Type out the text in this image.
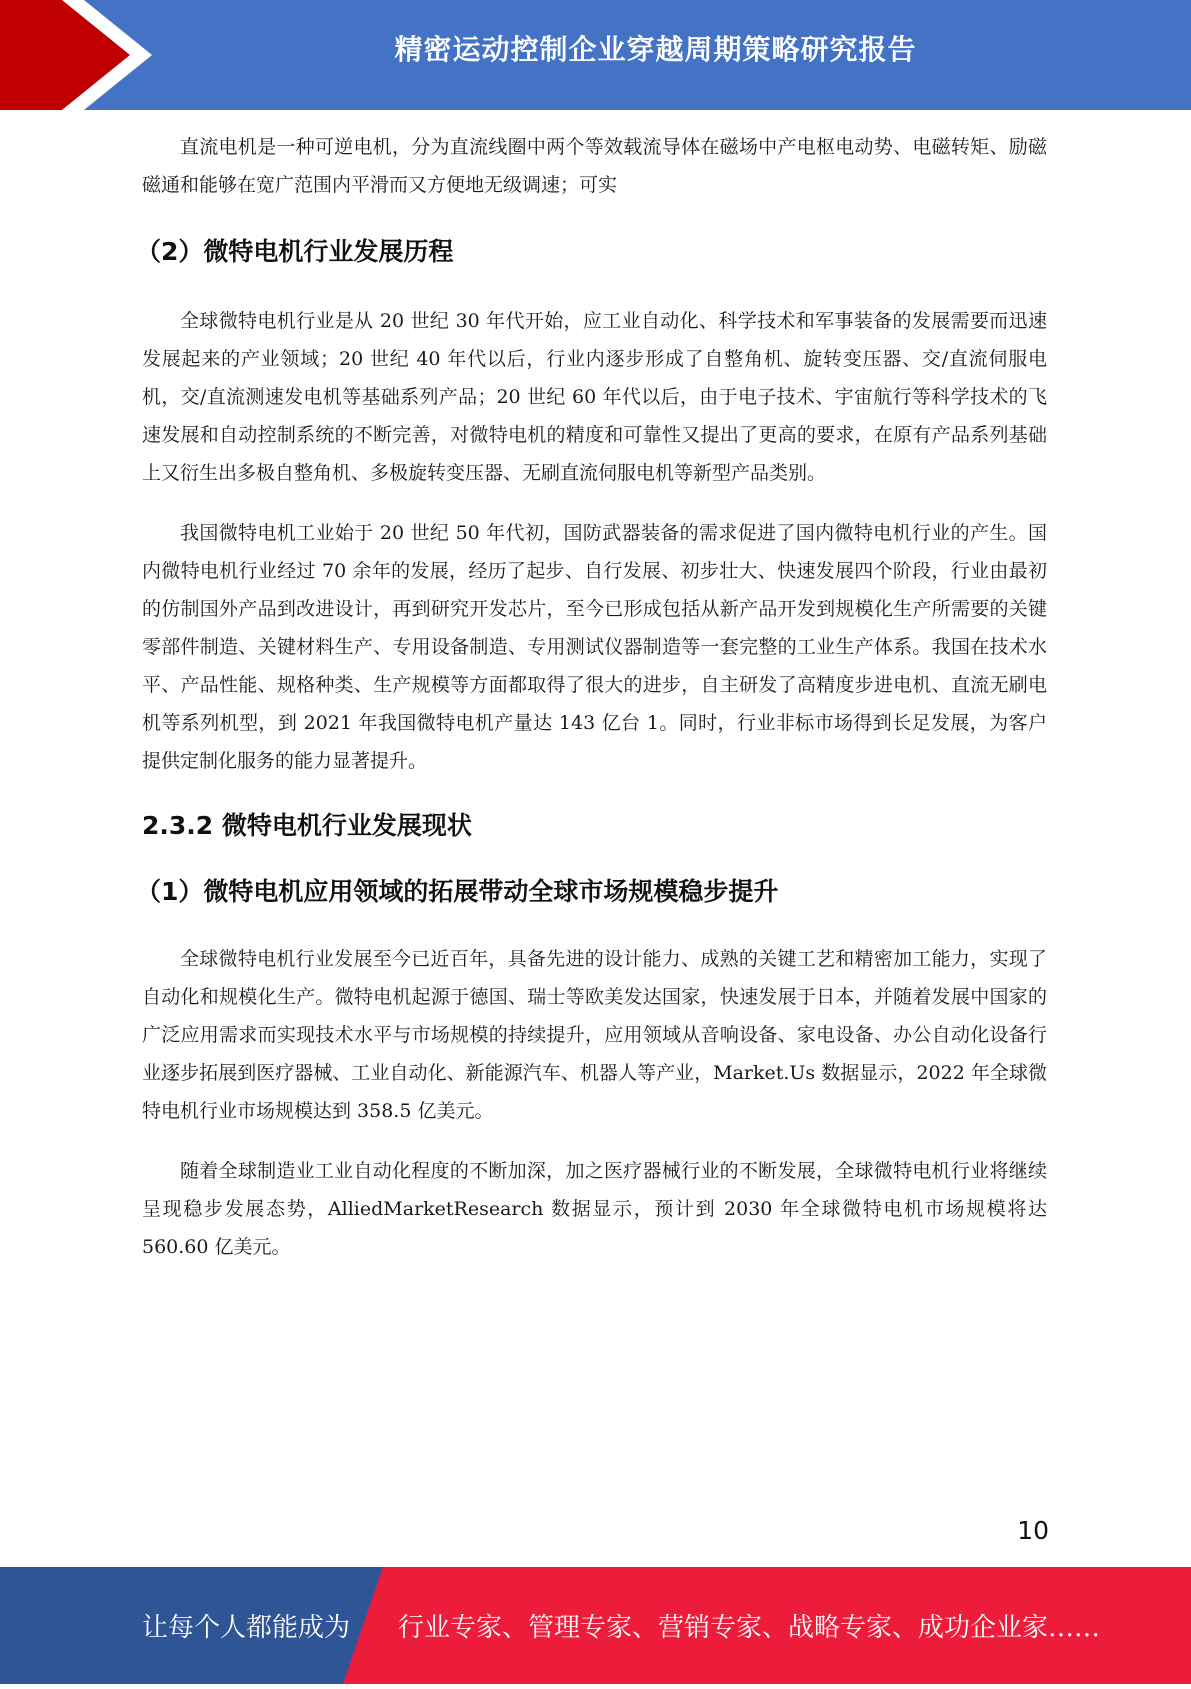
精密运动控制企业穿越周期策略研究报告

直流电机是一种可逆电机，分为直流线圈中两个等效载流导体在磁场中产电枢电动势、电磁转矩、励磁磁通和能够在宽广范围内平滑而又方便地无级调速；可实

（2）微特电机行业发展历程

全球微特电机行业是从 20 世纪 30 年代开始，应工业自动化、科学技术和军事装备的发展需要而迅速发展起来的产业领域；20 世纪 40 年代以后，行业内逐步形成了自整角机、旋转变压器、交/直流伺服电机，交/直流测速发电机等基础系列产品；20 世纪 60 年代以后，由于电子技术、宇宙航行等科学技术的飞速发展和自动控制系统的不断完善，对微特电机的精度和可靠性又提出了更高的要求，在原有产品系列基础上又衍生出多极自整角机、多极旋转变压器、无刷直流伺服电机等新型产品类别。

我国微特电机工业始于 20 世纪 50 年代初，国防武器装备的需求促进了国内微特电机行业的产生。国内微特电机行业经过 70 余年的发展，经历了起步、自行发展、初步壮大、快速发展四个阶段，行业由最初的仿制国外产品到改进设计，再到研究开发芯片，至今已形成包括从新产品开发到规模化生产所需要的关键零部件制造、关键材料生产、专用设备制造、专用测试仪器制造等一套完整的工业生产体系。我国在技术水平、产品性能、规格种类、生产规模等方面都取得了很大的进步，自主研发了高精度步进电机、直流无刷电机等系列机型，到 2021 年我国微特电机产量达 143 亿台 1。同时，行业非标市场得到长足发展，为客户提供定制化服务的能力显著提升。

2.3.2 微特电机行业发展现状
（1）微特电机应用领域的拓展带动全球市场规模稳步提升

全球微特电机行业发展至今已近百年，具备先进的设计能力、成熟的关键工艺和精密加工能力，实现了自动化和规模化生产。微特电机起源于德国、瑞士等欧美发达国家，快速发展于日本，并随着发展中国家的广泛应用需求而实现技术水平与市场规模的持续提升，应用领域从音响设备、家电设备、办公自动化设备行业逐步拓展到医疗器械、工业自动化、新能源汽车、机器人等产业，Market.Us 数据显示，2022 年全球微特电机行业市场规模达到 358.5 亿美元。

随着全球制造业工业自动化程度的不断加深，加之医疗器械行业的不断发展，全球微特电机行业将继续呈现稳步发展态势，AlliedMarketResearch 数据显示，预计到 2030 年全球微特电机市场规模将达 560.60 亿美元。

10
让每个人都能成为 行业专家、管理专家、营销专家、战略专家、成功企业家……
